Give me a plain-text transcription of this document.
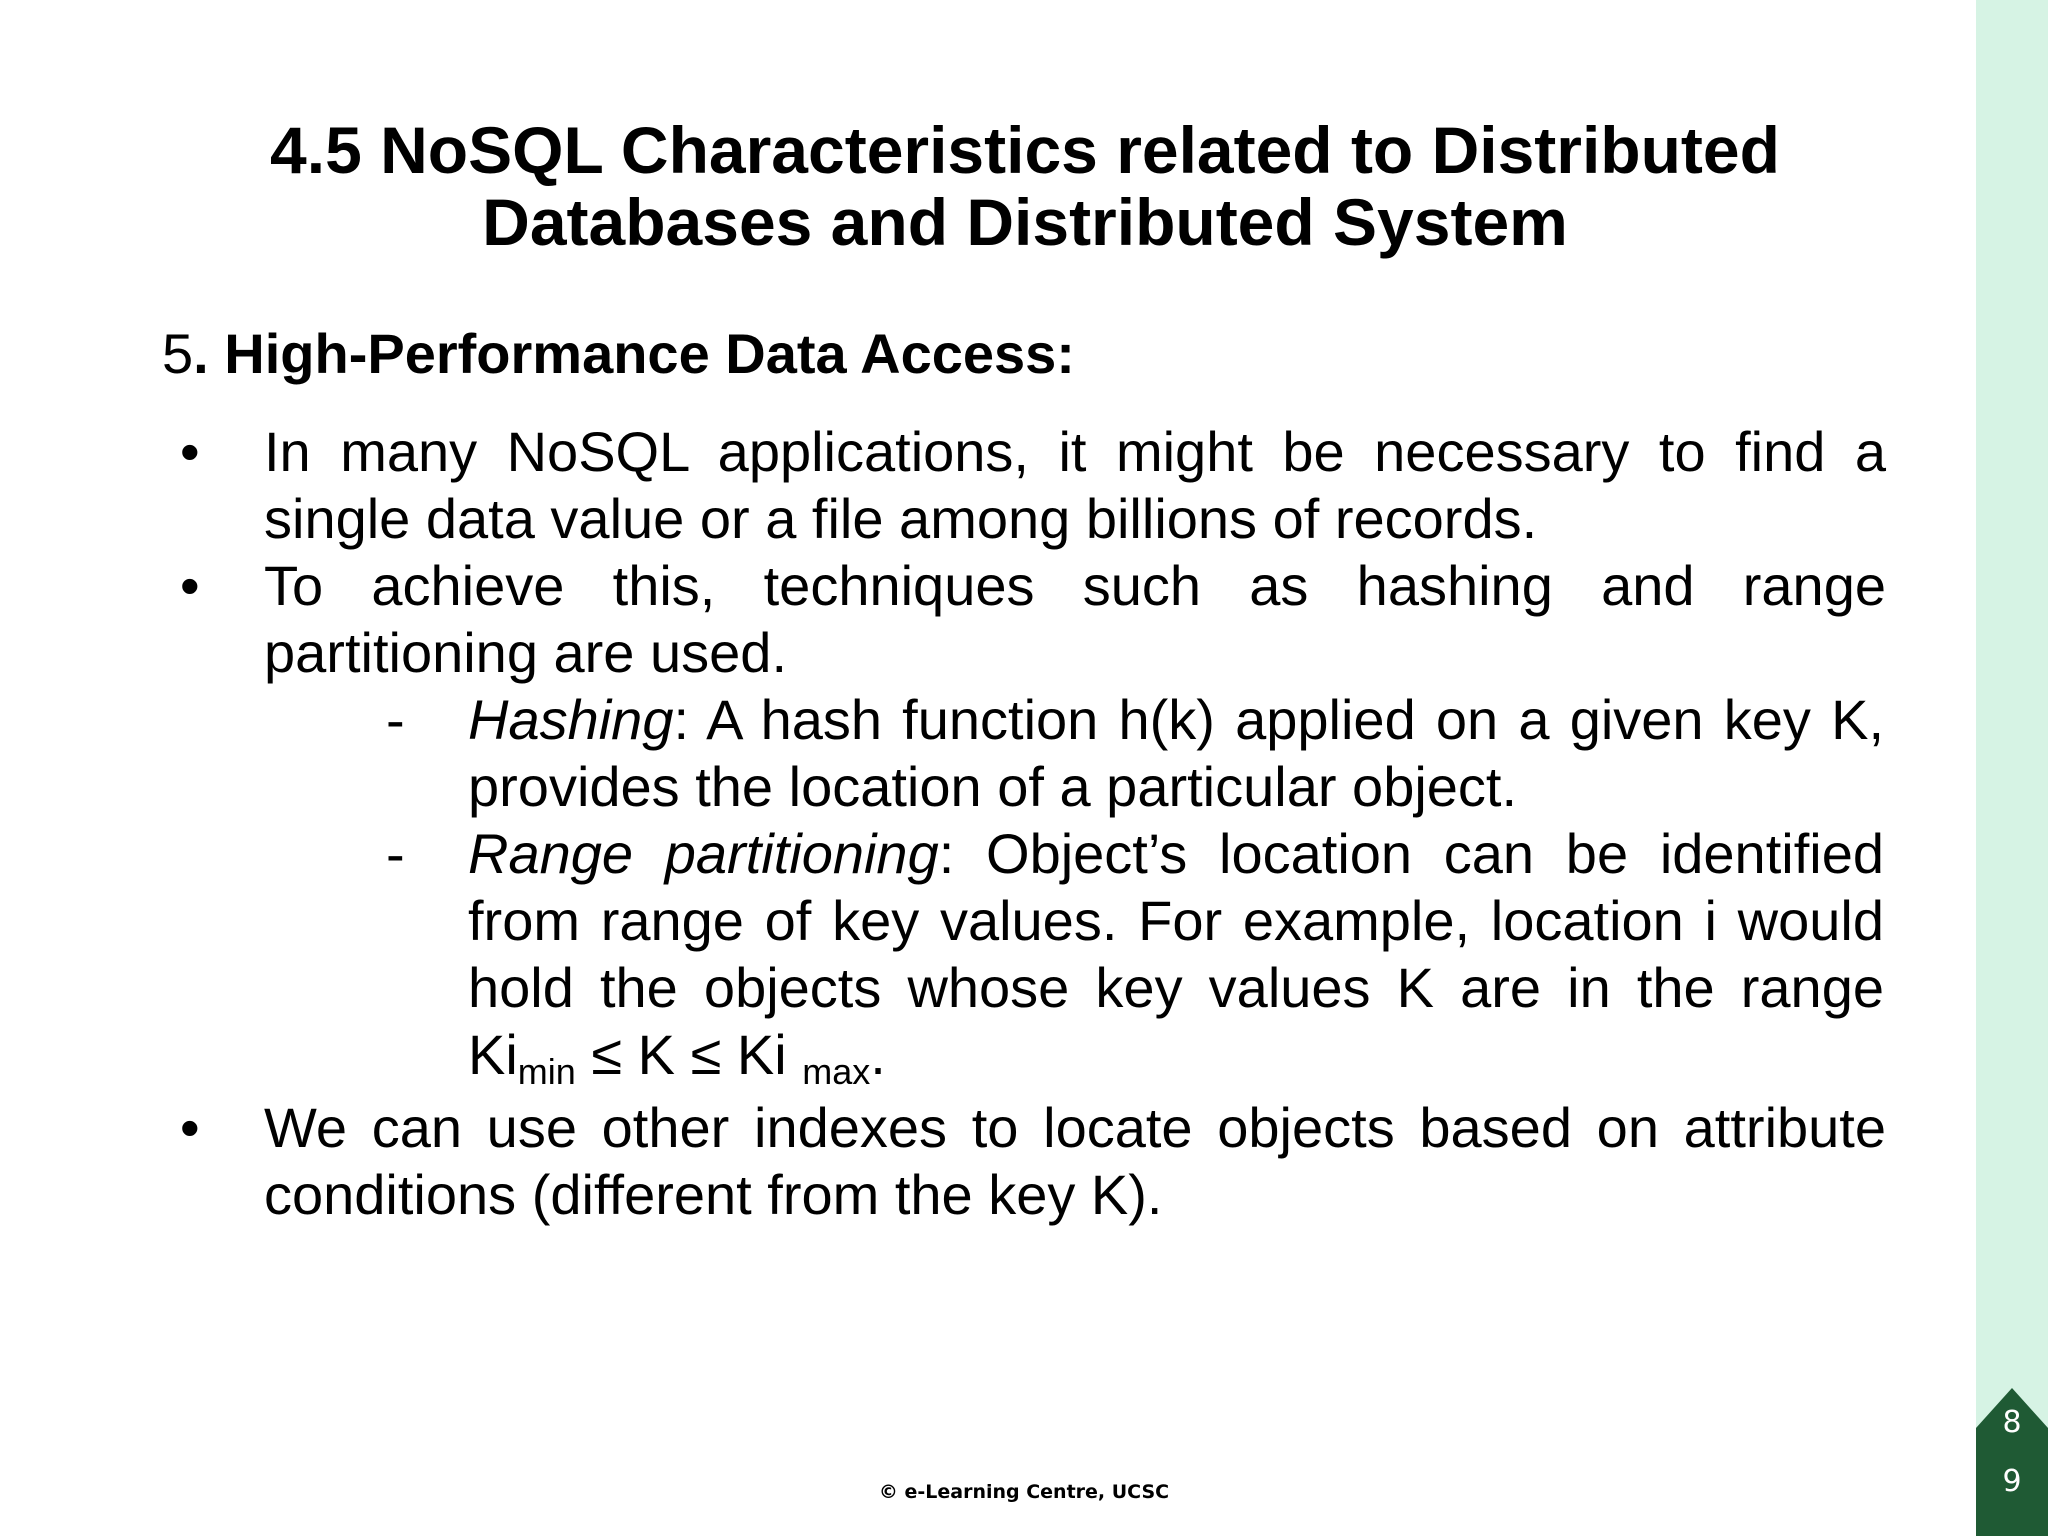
4.5 NoSQL Characteristics related to Distributed
Databases and Distributed System
5. High-Performance Data Access:
• In many NoSQL applications, it might be necessary to find a single data value or a file among billions of records.
• To achieve this, techniques such as hashing and range partitioning are used.
- Hashing: A hash function h(k) applied on a given key K, provides the location of a particular object.
- Range partitioning: Object’s location can be identified from range of key values. For example, location i would hold the objects whose key values K are in the range $Ki_{min} \le K \le Ki$ $_{max}$.
• We can use other indexes to locate objects based on attribute conditions (different from the key K).
8
9
© e-Learning Centre, UCSC
